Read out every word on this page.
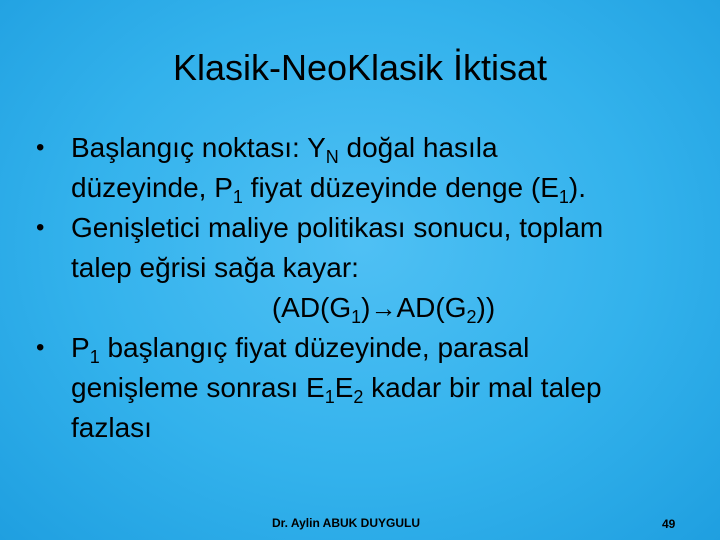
Klasik-NeoKlasik İktisat
• Başlangıç noktası: $Y_N$ doğal hasıla
düzeyinde, $P_1$ fiyat düzeyinde denge $(E_1)$.
• Genişletici maliye politikası sonucu, toplam
talep eğrisi sağa kayar:
$(AD(G_1)\to AD(G_2))$
• $P_1$ başlangıç fiyat düzeyinde, parasal
genişleme sonrası $E_1E_2$ kadar bir mal talep
fazlası
Dr. Aylin ABUK DUYGULU	49
